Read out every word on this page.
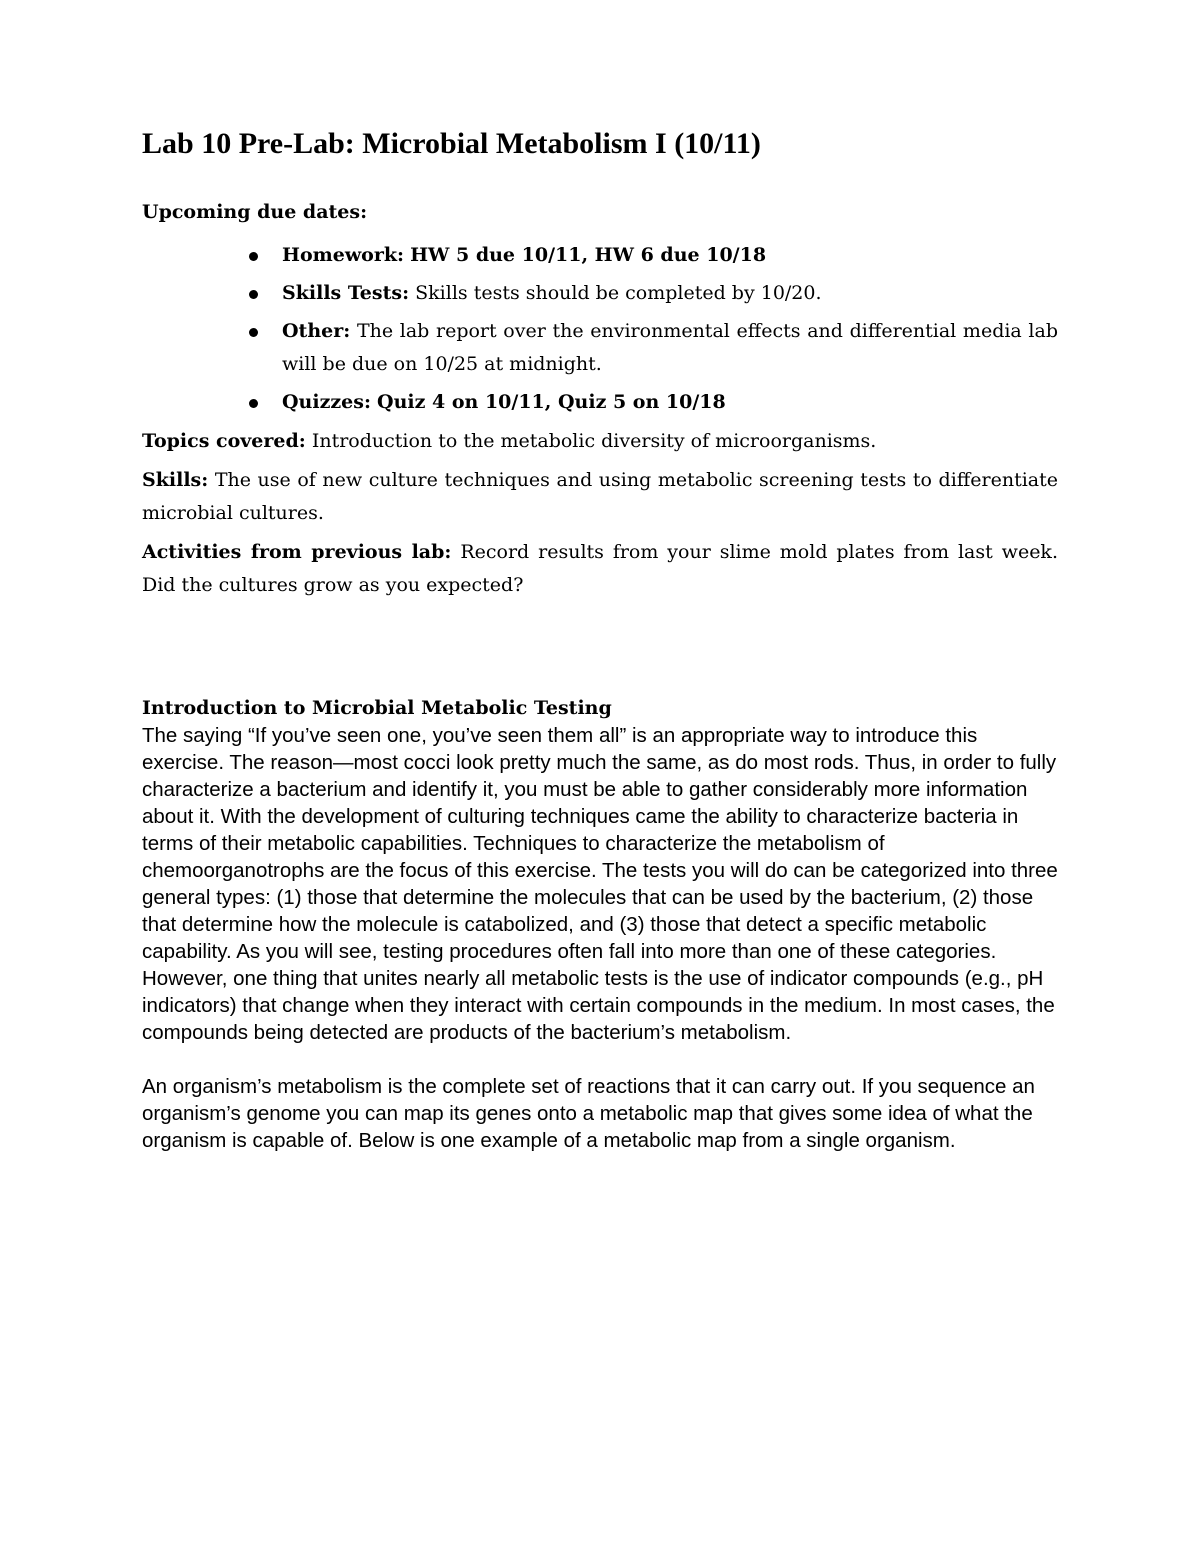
Lab 10 Pre-Lab: Microbial Metabolism I (10/11)

Upcoming due dates:

Homework: HW 5 due 10/11, HW 6 due 10/18
Skills Tests: Skills tests should be completed by 10/20.
Other: The lab report over the environmental effects and differential media lab will be due on 10/25 at midnight.
Quizzes: Quiz 4 on 10/11, Quiz 5 on 10/18

Topics covered: Introduction to the metabolic diversity of microorganisms.

Skills: The use of new culture techniques and using metabolic screening tests to differentiate microbial cultures.

Activities from previous lab: Record results from your slime mold plates from last week. Did the cultures grow as you expected?

Introduction to Microbial Metabolic Testing

The saying “If you’ve seen one, you’ve seen them all” is an appropriate way to introduce this exercise. The reason—most cocci look pretty much the same, as do most rods. Thus, in order to fully characterize a bacterium and identify it, you must be able to gather considerably more information about it. With the development of culturing techniques came the ability to characterize bacteria in terms of their metabolic capabilities. Techniques to characterize the metabolism of chemoorganotrophs are the focus of this exercise. The tests you will do can be categorized into three general types: (1) those that determine the molecules that can be used by the bacterium, (2) those that determine how the molecule is catabolized, and (3) those that detect a specific metabolic capability. As you will see, testing procedures often fall into more than one of these categories. However, one thing that unites nearly all metabolic tests is the use of indicator compounds (e.g., pH indicators) that change when they interact with certain compounds in the medium. In most cases, the compounds being detected are products of the bacterium’s metabolism.

An organism’s metabolism is the complete set of reactions that it can carry out. If you sequence an organism’s genome you can map its genes onto a metabolic map that gives some idea of what the organism is capable of. Below is one example of a metabolic map from a single organism.
